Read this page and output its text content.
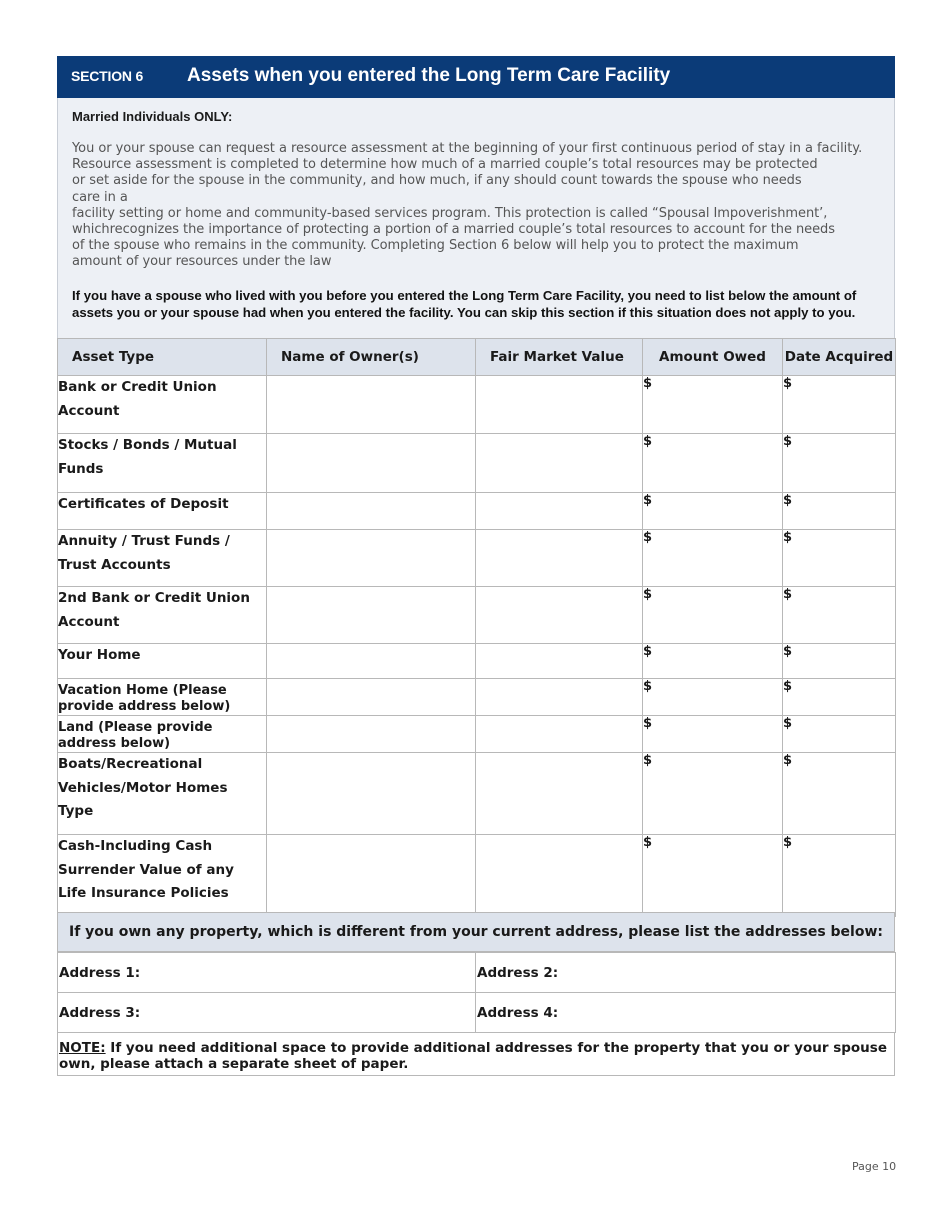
SECTION 6 Assets when you entered the Long Term Care Facility
Married Individuals ONLY:
You or your spouse can request a resource assessment at the beginning of your first continuous period of stay in a facility.
Resource assessment is completed to determine how much of a married couple’s total resources may be protected
or set aside for the spouse in the community, and how much, if any should count towards the spouse who needs
care in a
facility setting or home and community-based services program. This protection is called “Spousal Impoverishment’,
whichrecognizes the importance of protecting a portion of a married couple’s total resources to account for the needs
of the spouse who remains in the community. Completing Section 6 below will help you to protect the maximum
amount of your resources under the law
If you have a spouse who lived with you before you entered the Long Term Care Facility, you need to list below the amount of assets you or your spouse had when you entered the facility. You can skip this section if this situation does not apply to you.
Asset Type	Name of Owner(s)	Fair Market Value	Amount Owed	Date Acquired
Bank or Credit Union Account			$	$
Stocks / Bonds / Mutual Funds			$	$
Certificates of Deposit			$	$
Annuity / Trust Funds / Trust Accounts			$	$
2nd Bank or Credit Union Account			$	$
Your Home			$	$
Vacation Home (Please provide address below)			$	$
Land (Please provide address below)			$	$
Boats/Recreational Vehicles/Motor Homes Type			$	$
Cash-Including Cash Surrender Value of any Life Insurance Policies			$	$
If you own any property, which is different from your current address, please list the addresses below:
Address 1:	Address 2:
Address 3:	Address 4:
NOTE: If you need additional space to provide additional addresses for the property that you or your spouse own, please attach a separate sheet of paper.
Page 10
